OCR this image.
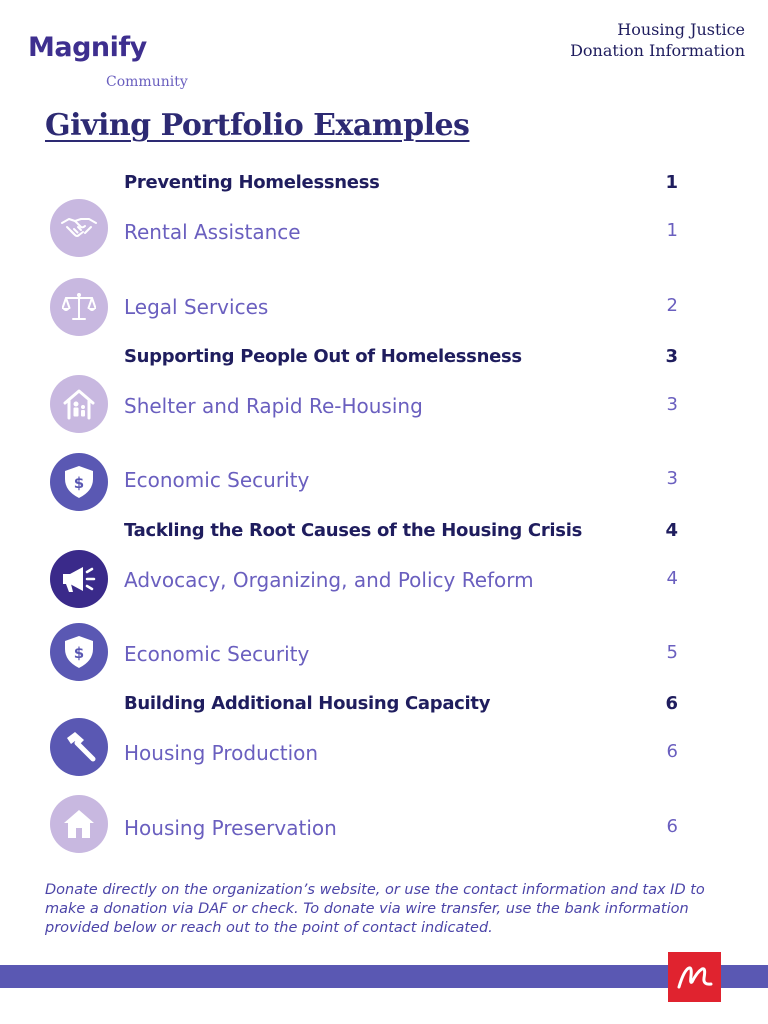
Magnify
Community
Housing Justice
Donation Information
Giving Portfolio Examples
Preventing Homelessness	1
Rental Assistance	1
Legal Services	2
Supporting People Out of Homelessness	3
Shelter and Rapid Re-Housing	3
$ Economic Security	3
Tackling the Root Causes of the Housing Crisis	4
Advocacy, Organizing, and Policy Reform	4
$ Economic Security	5
Building Additional Housing Capacity	6
Housing Production	6
Housing Preservation	6
Donate directly on the organization’s website, or use the contact information and tax ID to make a donation via DAF or check. To donate via wire transfer, use the bank information provided below or reach out to the point of contact indicated.
